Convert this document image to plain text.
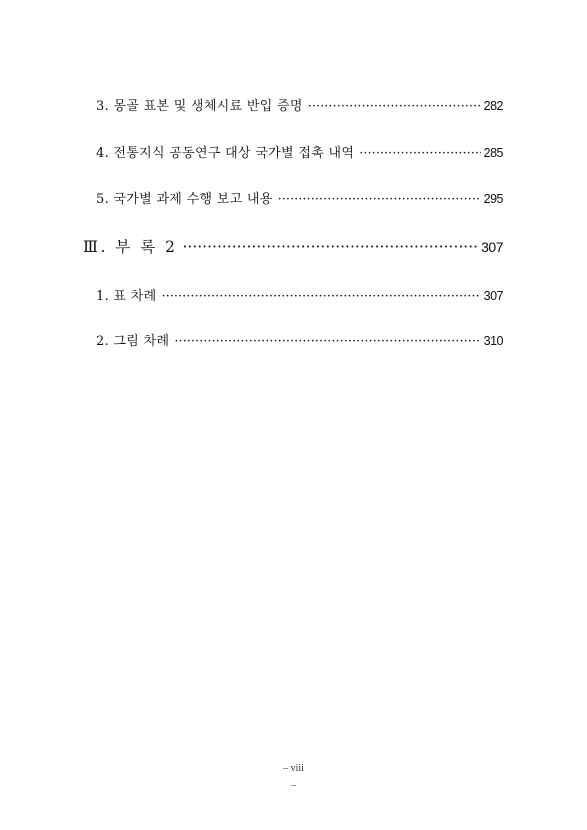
3. 몽골 표본 및 생체시료 반입 증명 ·····	282
4. 전통지식 공동연구 대상 국가별 접촉 내역 ·····	285
5. 국가별 과제 수행 보고 내용 ·····	295
Ⅲ. 부 록 2 ·····	307
1. 표 차례 ·····	307
2. 그림 차례 ·····	310
– viii
–
